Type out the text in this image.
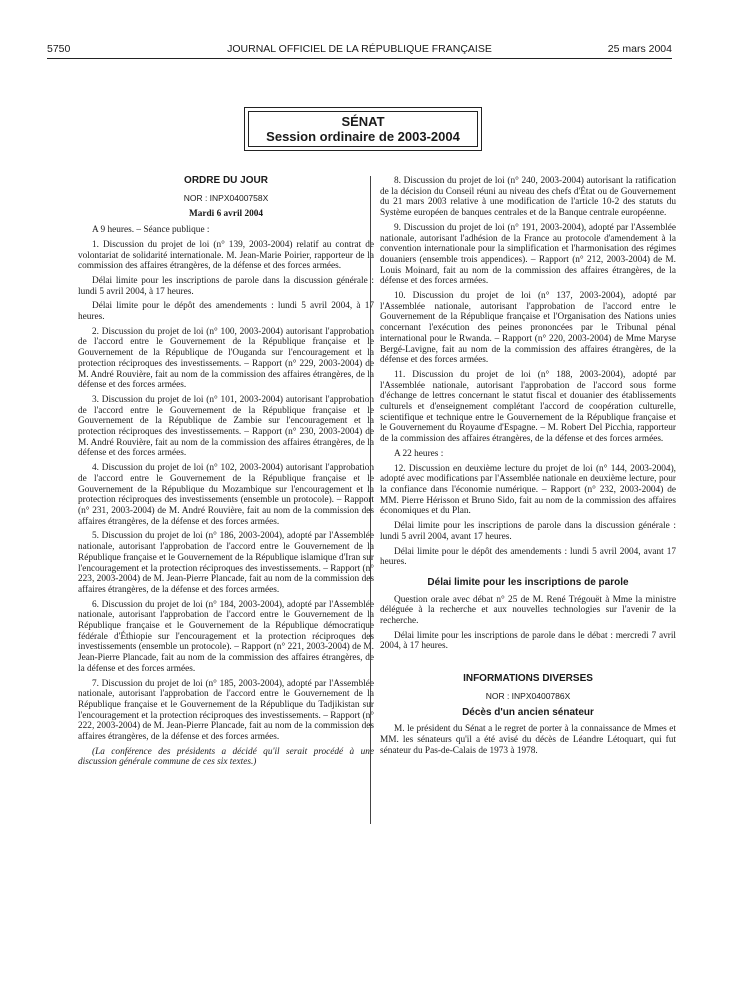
5750	JOURNAL OFFICIEL DE LA RÉPUBLIQUE FRANÇAISE	25 mars 2004
SÉNAT
Session ordinaire de 2003-2004

ORDRE DU JOUR

NOR : INPX0400758X

Mardi 6 avril 2004

A 9 heures. – Séance publique :

1. Discussion du projet de loi (n° 139, 2003-2004) relatif au contrat de volontariat de solidarité internationale. M. Jean-Marie Poirier, rapporteur de la commission des affaires étrangères, de la défense et des forces armées.

Délai limite pour les inscriptions de parole dans la discussion générale : lundi 5 avril 2004, à 17 heures.

Délai limite pour le dépôt des amendements : lundi 5 avril 2004, à 17 heures.

2. Discussion du projet de loi (n° 100, 2003-2004) autorisant l'approbation de l'accord entre le Gouvernement de la République française et le Gouvernement de la République de l'Ouganda sur l'encouragement et la protection réciproques des investissements. – Rapport (n° 229, 2003-2004) de M. André Rouvière, fait au nom de la commission des affaires étrangères, de la défense et des forces armées.

3. Discussion du projet de loi (n° 101, 2003-2004) autorisant l'approbation de l'accord entre le Gouvernement de la République française et le Gouvernement de la République de Zambie sur l'encouragement et la protection réciproques des investissements. – Rapport (n° 230, 2003-2004) de M. André Rouvière, fait au nom de la commission des affaires étrangères, de la défense et des forces armées.

4. Discussion du projet de loi (n° 102, 2003-2004) autorisant l'approbation de l'accord entre le Gouvernement de la République française et le Gouvernement de la République du Mozambique sur l'encouragement et la protection réciproques des investissements (ensemble un protocole). – Rapport (n° 231, 2003-2004) de M. André Rouvière, fait au nom de la commission des affaires étrangères, de la défense et des forces armées.

5. Discussion du projet de loi (n° 186, 2003-2004), adopté par l'Assemblée nationale, autorisant l'approbation de l'accord entre le Gouvernement de la République française et le Gouvernement de la République islamique d'Iran sur l'encouragement et la protection réciproques des investissements. – Rapport (n° 223, 2003-2004) de M. Jean-Pierre Plancade, fait au nom de la commission des affaires étrangères, de la défense et des forces armées.

6. Discussion du projet de loi (n° 184, 2003-2004), adopté par l'Assemblée nationale, autorisant l'approbation de l'accord entre le Gouvernement de la République française et le Gouvernement de la République démocratique fédérale d'Éthiopie sur l'encouragement et la protection réciproques des investissements (ensemble un protocole). – Rapport (n° 221, 2003-2004) de M. Jean-Pierre Plancade, fait au nom de la commission des affaires étrangères, de la défense et des forces armées.

7. Discussion du projet de loi (n° 185, 2003-2004), adopté par l'Assemblée nationale, autorisant l'approbation de l'accord entre le Gouvernement de la République française et le Gouvernement de la République du Tadjikistan sur l'encouragement et la protection réciproques des investissements. – Rapport (n° 222, 2003-2004) de M. Jean-Pierre Plancade, fait au nom de la commission des affaires étrangères, de la défense et des forces armées.

(La conférence des présidents a décidé qu'il serait procédé à une discussion générale commune de ces six textes.)

8. Discussion du projet de loi (n° 240, 2003-2004) autorisant la ratification de la décision du Conseil réuni au niveau des chefs d'État ou de Gouvernement du 21 mars 2003 relative à une modification de l'article 10-2 des statuts du Système européen de banques centrales et de la Banque centrale européenne.

9. Discussion du projet de loi (n° 191, 2003-2004), adopté par l'Assemblée nationale, autorisant l'adhésion de la France au protocole d'amendement à la convention internationale pour la simplification et l'harmonisation des régimes douaniers (ensemble trois appendices). – Rapport (n° 212, 2003-2004) de M. Louis Moinard, fait au nom de la commission des affaires étrangères, de la défense et des forces armées.

10. Discussion du projet de loi (n° 137, 2003-2004), adopté par l'Assemblée nationale, autorisant l'approbation de l'accord entre le Gouvernement de la République française et l'Organisation des Nations unies concernant l'exécution des peines prononcées par le Tribunal pénal international pour le Rwanda. – Rapport (n° 220, 2003-2004) de Mme Maryse Bergé-Lavigne, fait au nom de la commission des affaires étrangères, de la défense et des forces armées.

11. Discussion du projet de loi (n° 188, 2003-2004), adopté par l'Assemblée nationale, autorisant l'approbation de l'accord sous forme d'échange de lettres concernant le statut fiscal et douanier des établissements culturels et d'enseignement complétant l'accord de coopération culturelle, scientifique et technique entre le Gouvernement de la République française et le Gouvernement du Royaume d'Espagne. – M. Robert Del Picchia, rapporteur de la commission des affaires étrangères, de la défense et des forces armées.

A 22 heures :

12. Discussion en deuxième lecture du projet de loi (n° 144, 2003-2004), adopté avec modifications par l'Assemblée nationale en deuxième lecture, pour la confiance dans l'économie numérique. – Rapport (n° 232, 2003-2004) de MM. Pierre Hérisson et Bruno Sido, fait au nom de la commission des affaires économiques et du Plan.

Délai limite pour les inscriptions de parole dans la discussion générale : lundi 5 avril 2004, avant 17 heures.

Délai limite pour le dépôt des amendements : lundi 5 avril 2004, avant 17 heures.

Délai limite pour les inscriptions de parole

Question orale avec débat n° 25 de M. René Trégouët à Mme la ministre déléguée à la recherche et aux nouvelles technologies sur l'avenir de la recherche.

Délai limite pour les inscriptions de parole dans le débat : mercredi 7 avril 2004, à 17 heures.

INFORMATIONS DIVERSES

NOR : INPX0400786X

Décès d'un ancien sénateur

M. le président du Sénat a le regret de porter à la connaissance de Mmes et MM. les sénateurs qu'il a été avisé du décès de Léandre Létoquart, qui fut sénateur du Pas-de-Calais de 1973 à 1978.
